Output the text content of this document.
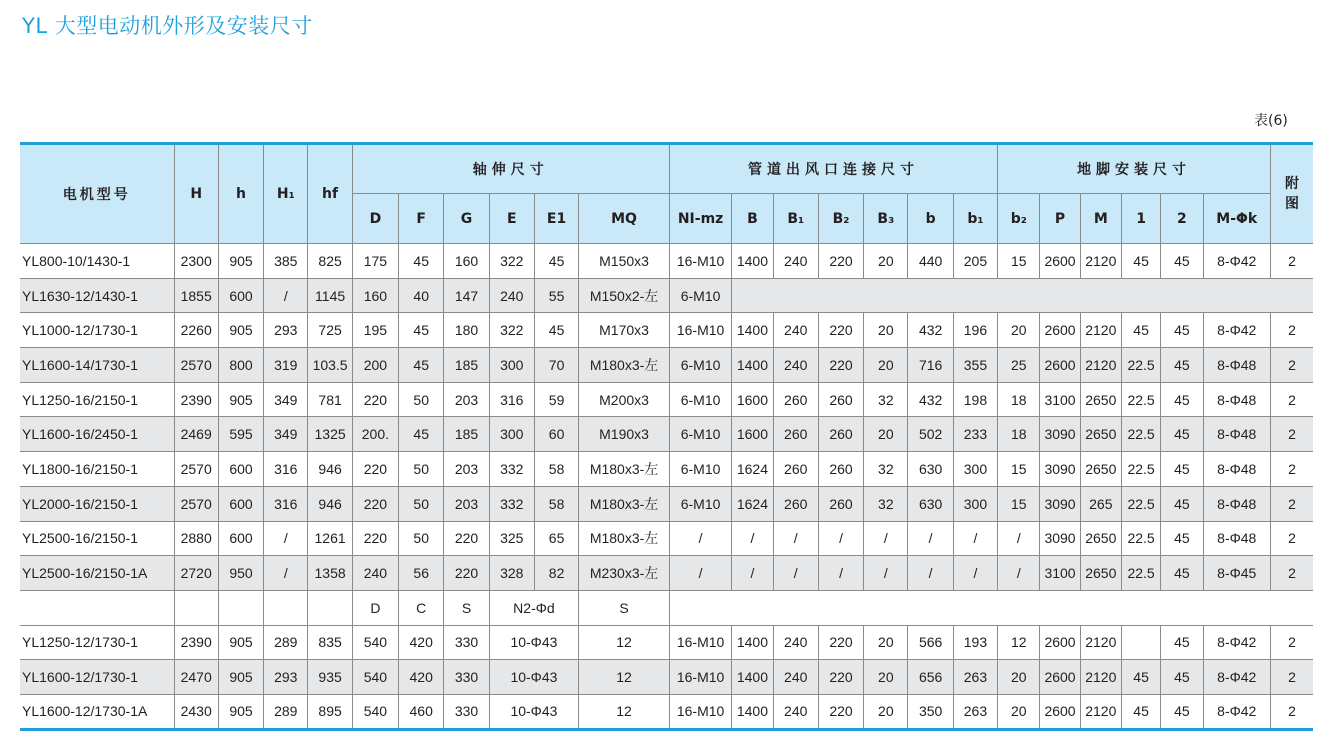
YL 大型电动机外形及安装尺寸
表(6)
电机型号	H	h	H₁	hf	轴伸尺寸						管道出风口连接尺寸							地脚安装尺寸						附图
					D	F	G	E	E1	MQ	NI-mz	B	B₁	B₂	B₃	b	b₁	b₂	P	M	1	2	M-Φk	
YL800-10/1430-1	2300	905	385	825	175	45	160	322	45	M150x3	16-M10	1400	240	220	20	440	205	15	2600	2120	45	45	8-Φ42	2
YL1630-12/1430-1	1855	600	/	1145	160	40	147	240	55	M150x2-左	6-M10													
YL1000-12/1730-1	2260	905	293	725	195	45	180	322	45	M170x3	16-M10	1400	240	220	20	432	196	20	2600	2120	45	45	8-Φ42	2
YL1600-14/1730-1	2570	800	319	103.5	200	45	185	300	70	M180x3-左	6-M10	1400	240	220	20	716	355	25	2600	2120	22.5	45	8-Φ48	2
YL1250-16/2150-1	2390	905	349	781	220	50	203	316	59	M200x3	6-M10	1600	260	260	32	432	198	18	3100	2650	22.5	45	8-Φ48	2
YL1600-16/2450-1	2469	595	349	1325	200.	45	185	300	60	M190x3	6-M10	1600	260	260	20	502	233	18	3090	2650	22.5	45	8-Φ48	2
YL1800-16/2150-1	2570	600	316	946	220	50	203	332	58	M180x3-左	6-M10	1624	260	260	32	630	300	15	3090	2650	22.5	45	8-Φ48	2
YL2000-16/2150-1	2570	600	316	946	220	50	203	332	58	M180x3-左	6-M10	1624	260	260	32	630	300	15	3090	265	22.5	45	8-Φ48	2
YL2500-16/2150-1	2880	600	/	1261	220	50	220	325	65	M180x3-左	/	/	/	/	/	/	/	/	3090	2650	22.5	45	8-Φ48	2
YL2500-16/2150-1A	2720	950	/	1358	240	56	220	328	82	M230x3-左	/	/	/	/	/	/	/	/	3100	2650	22.5	45	8-Φ45	2
					D	C	S	N2-Φd		S														
YL1250-12/1730-1	2390	905	289	835	540	420	330	10-Φ43		12	16-M10	1400	240	220	20	566	193	12	2600	2120		45	8-Φ42	2
YL1600-12/1730-1	2470	905	293	935	540	420	330	10-Φ43		12	16-M10	1400	240	220	20	656	263	20	2600	2120	45	45	8-Φ42	2
YL1600-12/1730-1A	2430	905	289	895	540	460	330	10-Φ43		12	16-M10	1400	240	220	20	350	263	20	2600	2120	45	45	8-Φ42	2
